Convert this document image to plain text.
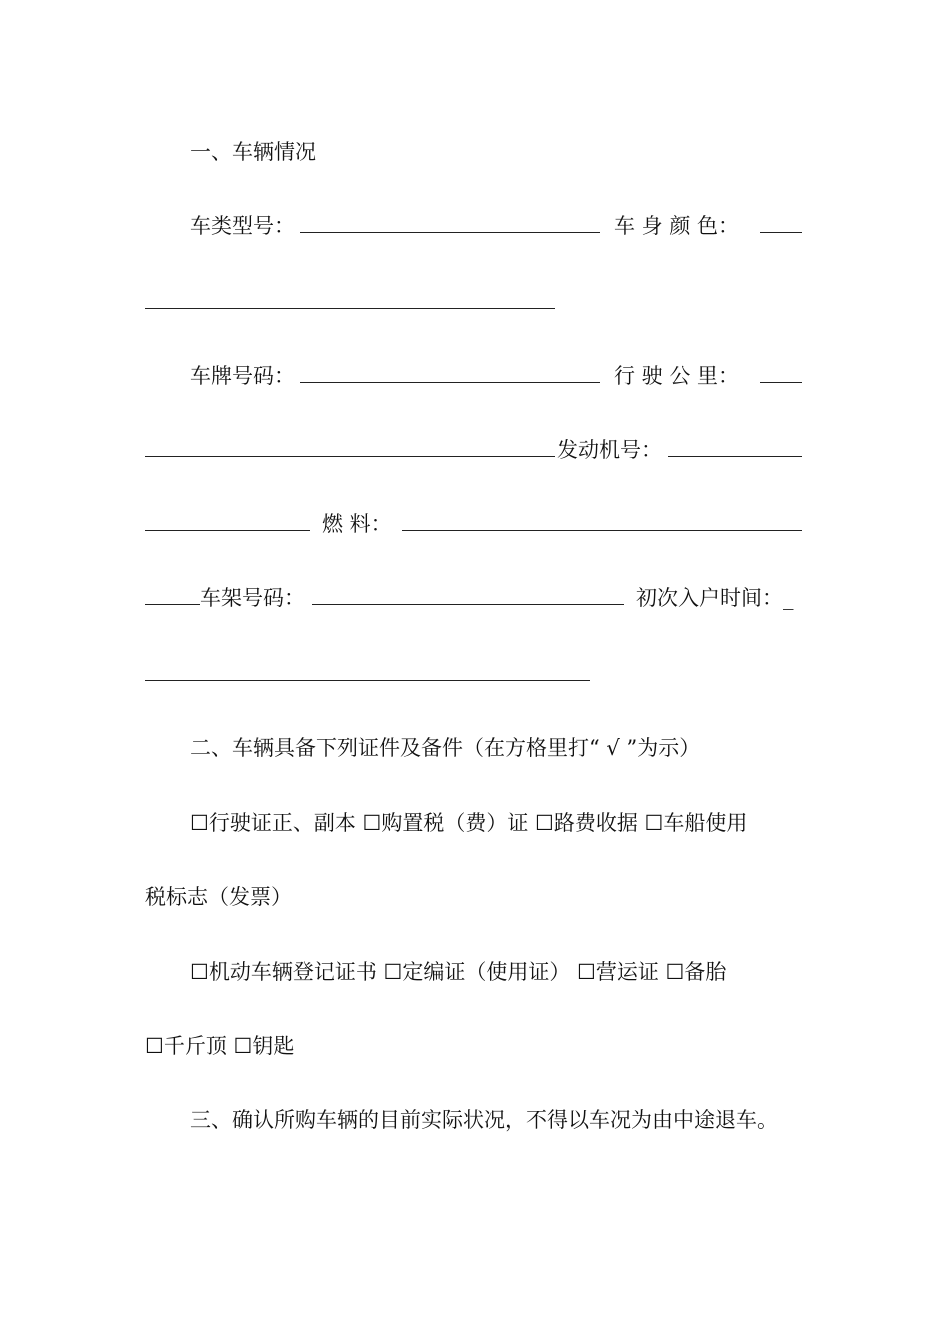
一、车辆情况
车类型号：	车 身 颜 色：
车牌号码：	行 驶 公 里：
发动机号：
燃 料：
车架号码：	初次入户时间：_
二、车辆具备下列证件及备件（在方格里打“ √ ”为示）
☐行驶证正、副本 ☐购置税（费）证 ☐路费收据 ☐车船使用
税标志（发票）
☐机动车辆登记证书 ☐定编证（使用证） ☐营运证 ☐备胎
☐千斤顶 ☐钥匙
三、确认所购车辆的目前实际状况，不得以车况为由中途退车。
